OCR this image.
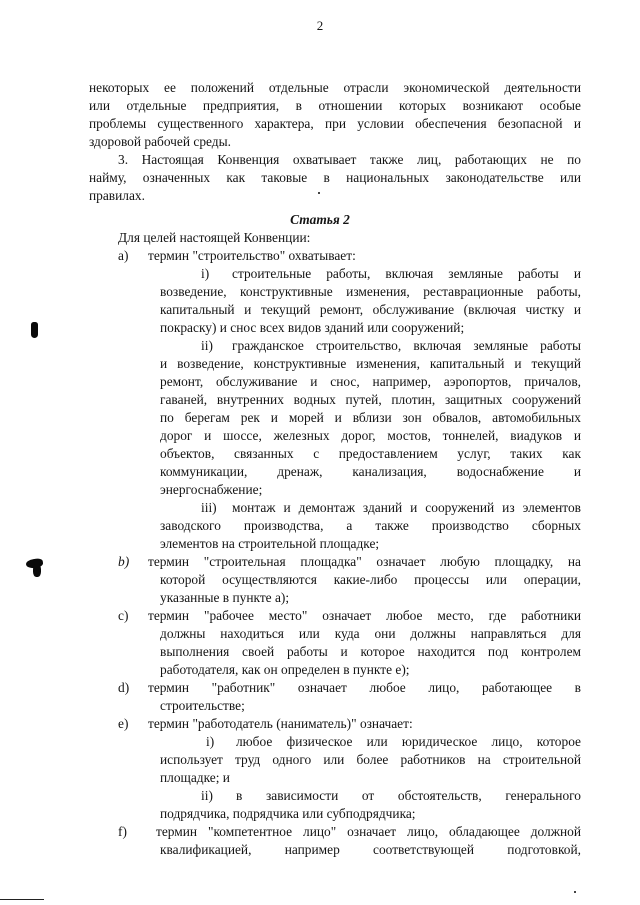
2
некоторых ее положений отдельные отрасли экономической деятельности
или отдельные предприятия, в отношении которых возникают особые
проблемы существенного характера, при условии обеспечения безопасной и
здоровой рабочей среды.
3. Настоящая Конвенция охватывает также лиц, работающих не по
найму, означенных как таковые в национальных законодательстве или
правилах.
Статья 2
Для целей настоящей Конвенции:
а) термин "строительство" охватывает:
i) строительные работы, включая земляные работы и
возведение, конструктивные изменения, реставрационные работы,
капитальный и текущий ремонт, обслуживание (включая чистку и
покраску) и снос всех видов зданий или сооружений;
ii) гражданское строительство, включая земляные работы
и возведение, конструктивные изменения, капитальный и текущий
ремонт, обслуживание и снос, например, аэропортов, причалов,
гаваней, внутренних водных путей, плотин, защитных сооружений
по берегам рек и морей и вблизи зон обвалов, автомобильных
дорог и шоссе, железных дорог, мостов, тоннелей, виадуков и
объектов, связанных с предоставлением услуг, таких как
коммуникации, дренаж, канализация, водоснабжение и
энергоснабжение;
iii) монтаж и демонтаж зданий и сооружений из элементов
заводского производства, а также производство сборных
элементов на строительной площадке;
b) термин "строительная площадка" означает любую площадку, на
которой осуществляются какие-либо процессы или операции,
указанные в пункте а);
c) термин "рабочее место" означает любое место, где работники
должны находиться или куда они должны направляться для
выполнения своей работы и которое находится под контролем
работодателя, как он определен в пункте е);
d) термин "работник" означает любое лицо, работающее в
строительстве;
е) термин "работодатель (наниматель)" означает:
i) любое физическое или юридическое лицо, которое
использует труд одного или более работников на строительной
площадке; и
ii) в зависимости от обстоятельств, генерального
подрядчика, подрядчика или субподрядчика;
f) термин "компетентное лицо" означает лицо, обладающее должной
квалификацией, например соответствующей подготовкой,
